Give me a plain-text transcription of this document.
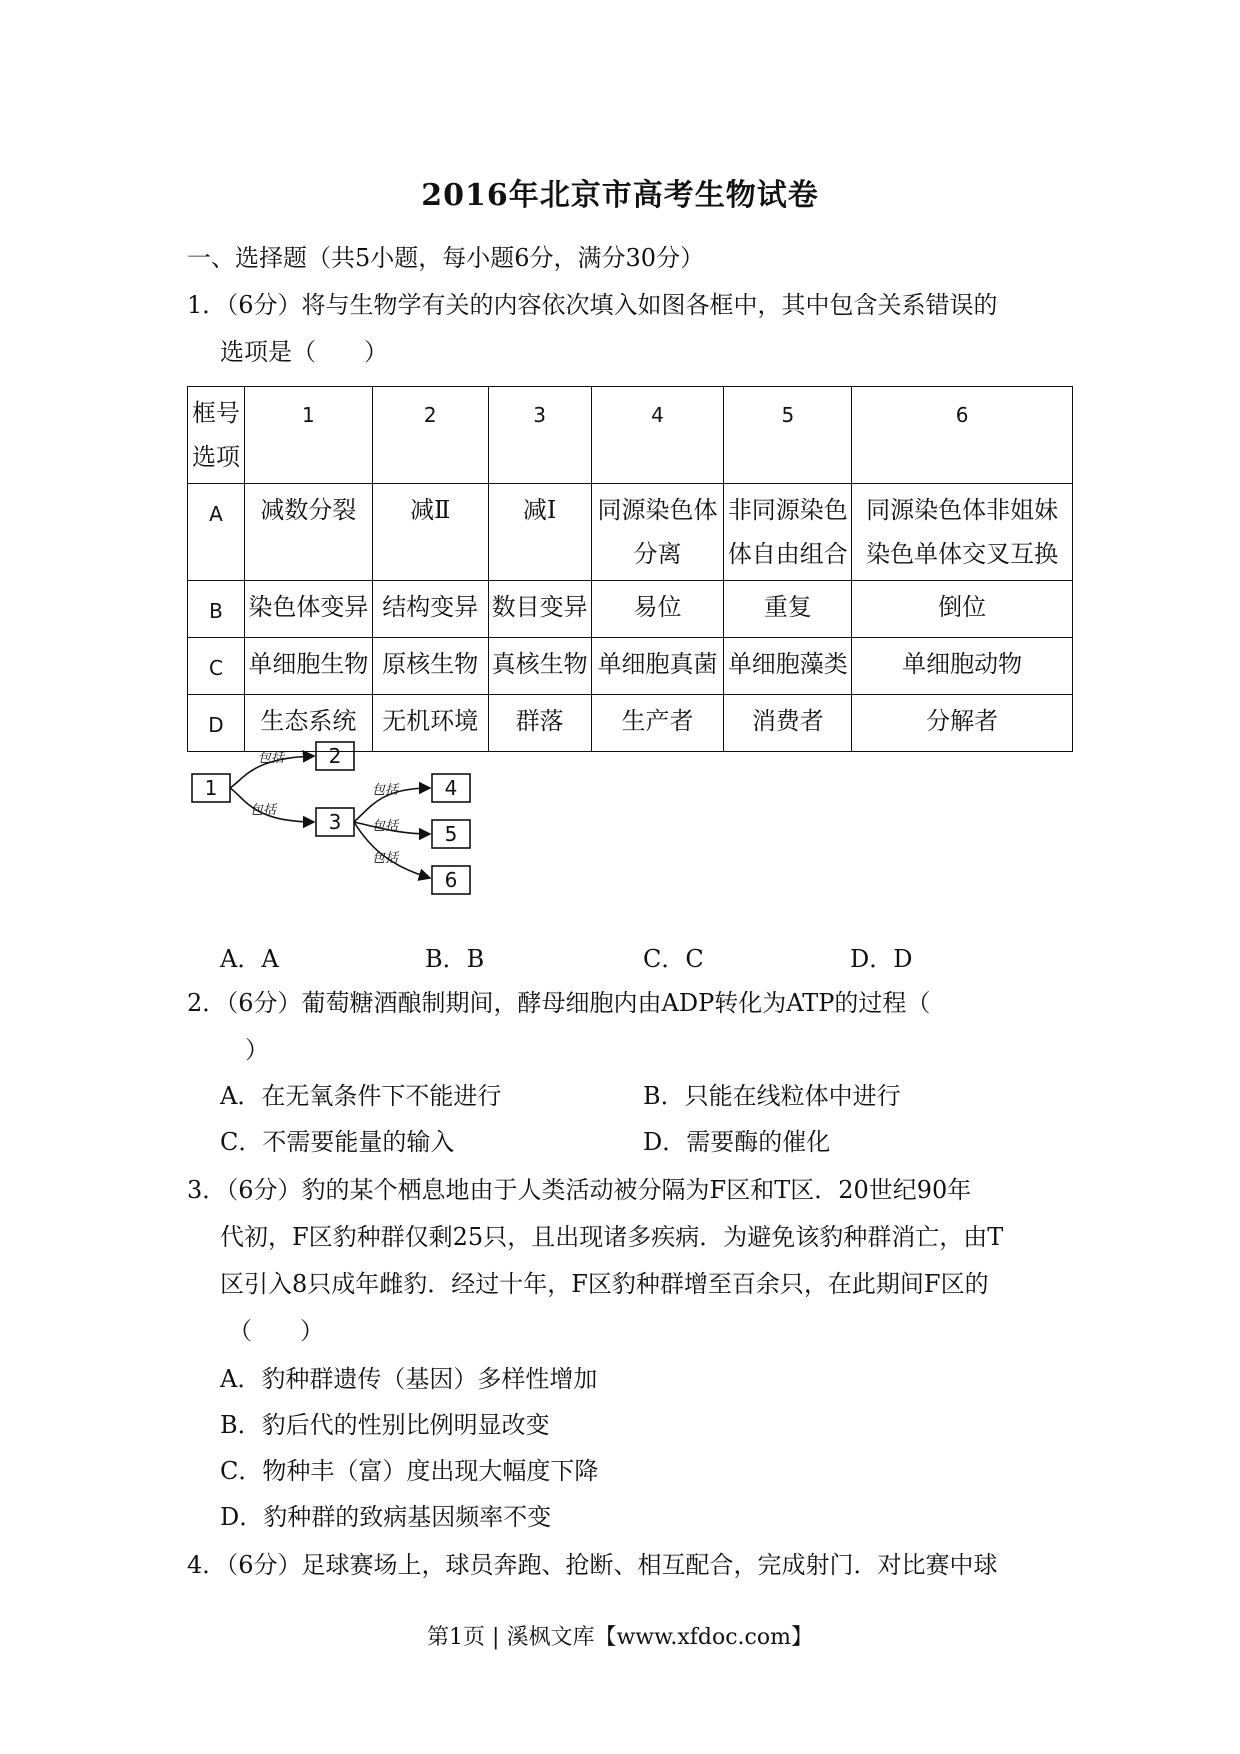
2016年北京市高考生物试卷
一、选择题（共5小题，每小题6分，满分30分）
1．（6分）将与生物学有关的内容依次填入如图各框中，其中包含关系错误的
选项是（　　）
框号
选项	1	2	3	4	5	6
A	减数分裂	减Ⅱ	减Ⅰ	同源染色体分离	非同源染色体自由组合	同源染色体非姐妹染色单体交叉互换
B	染色体变异	结构变异	数目变异	易位	重复	倒位
C	单细胞生物	原核生物	真核生物	单细胞真菌	单细胞藻类	单细胞动物
D	生态系统	无机环境	群落	生产者	消费者	分解者
1
2
3
4
5
6
包括
包括
包括
包括
包括
A．A	B．B	C．C	D．D
2．（6分）葡萄糖酒酿制期间，酵母细胞内由ADP转化为ATP的过程（
）
A．在无氧条件下不能进行	B．只能在线粒体中进行
C．不需要能量的输入	D．需要酶的催化
3．（6分）豹的某个栖息地由于人类活动被分隔为F区和T区．20世纪90年
代初，F区豹种群仅剩25只，且出现诸多疾病．为避免该豹种群消亡，由T
区引入8只成年雌豹．经过十年，F区豹种群增至百余只，在此期间F区的
（　　）
A．豹种群遗传（基因）多样性增加
B．豹后代的性别比例明显改变
C．物种丰（富）度出现大幅度下降
D．豹种群的致病基因频率不变
4．（6分）足球赛场上，球员奔跑、抢断、相互配合，完成射门．对比赛中球
第1页 | 溪枫文库【www.xfdoc.com】
